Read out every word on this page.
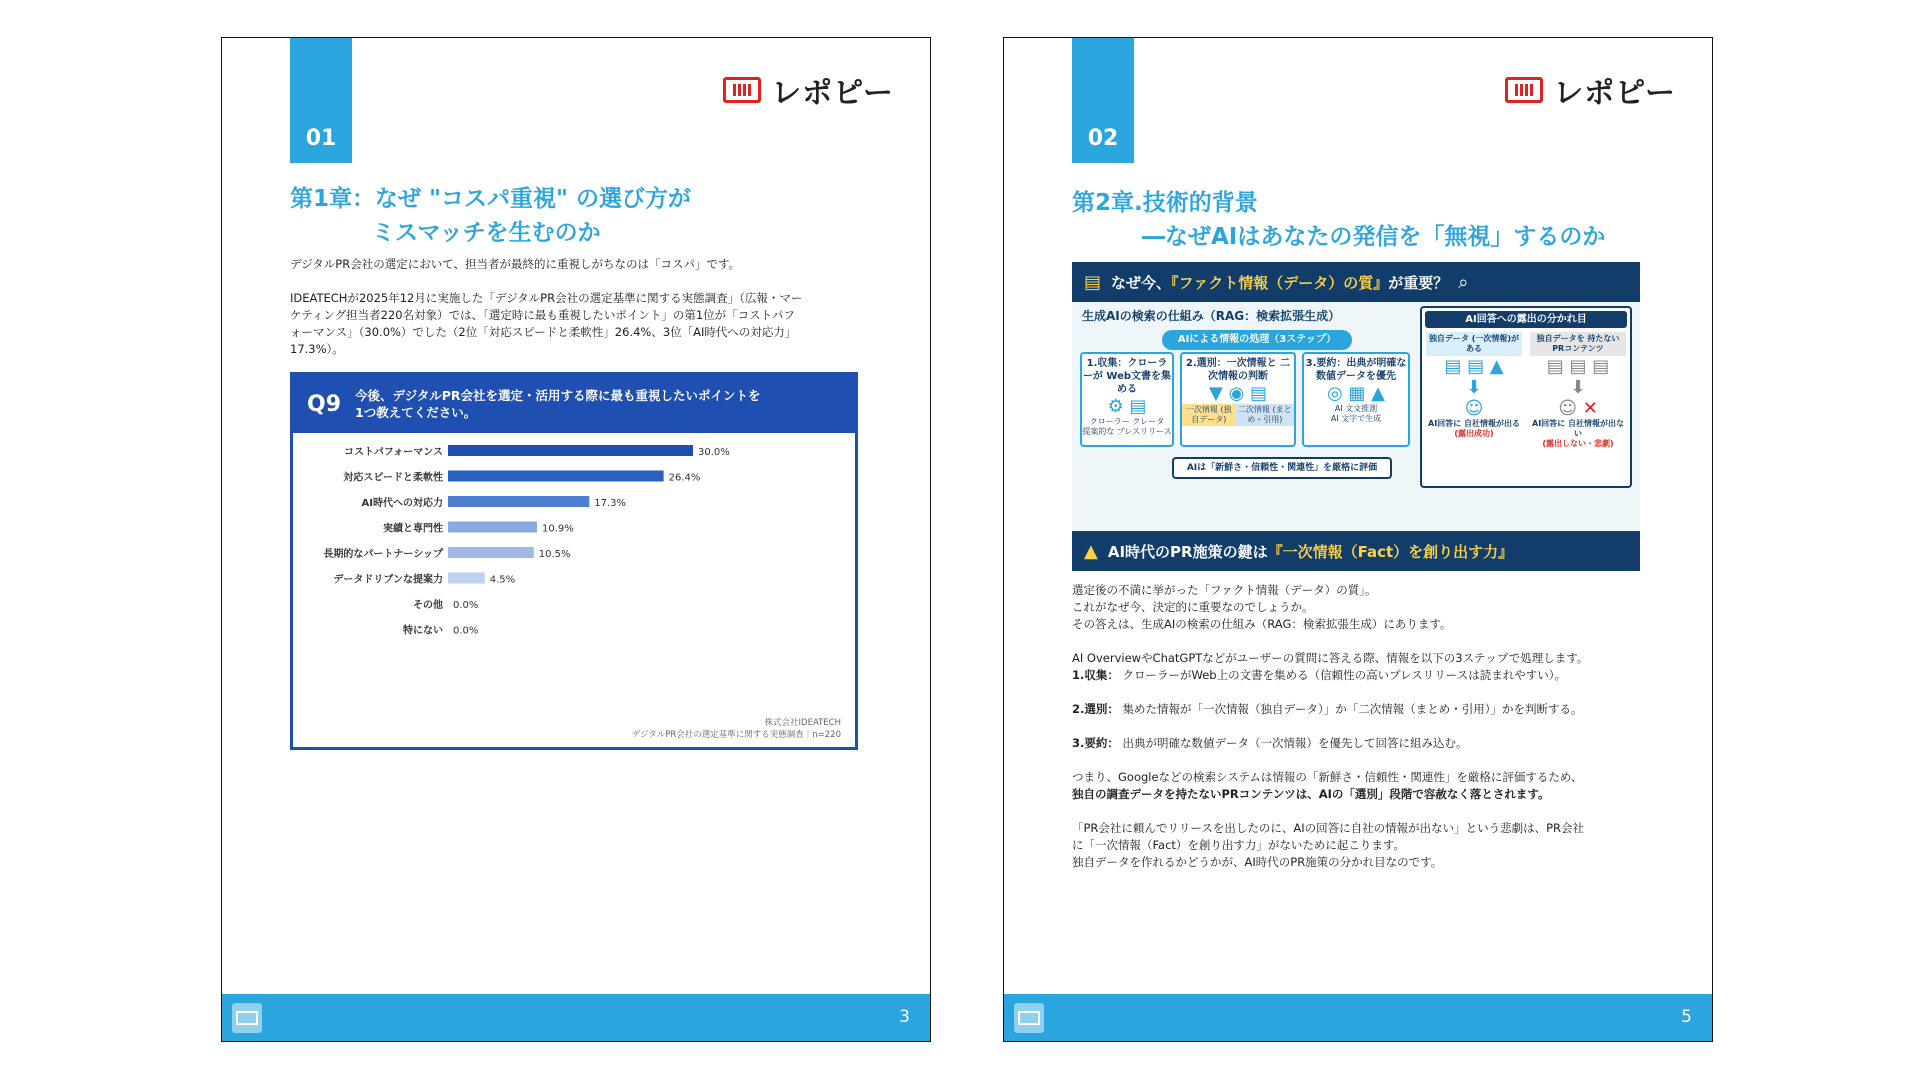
01
レポピー
第1章：なぜ "コスパ重視" の選び方が
ミスマッチを生むのか
デジタルPR会社の選定において、担当者が最終的に重視しがちなのは「コスパ」です。
IDEATECHが2025年12月に実施した「デジタルPR会社の選定基準に関する実態調査」（広報・マー
ケティング担当者220名対象）では、「選定時に最も重視したいポイント」の第1位が「コストパフ
ォーマンス」（30.0%）でした（2位「対応スピードと柔軟性」26.4%、3位「AI時代への対応力」
17.3%）。
Q9 今後、デジタルPR会社を選定・活用する際に最も重視したいポイントを
1つ教えてください。
コストパフォーマンス	30.0%
対応スピードと柔軟性	26.4%
AI時代への対応力	17.3%
実績と専門性	10.9%
長期的なパートナーシップ	10.5%
データドリブンな提案力	4.5%
その他 0.0%
特にない 0.0%
株式会社IDEATECH
デジタルPR会社の選定基準に関する実態調査｜n=220
3
02
レポピー
第2章.技術的背景
―なぜAIはあなたの発信を「無視」するのか
▤ なぜ今、『ファクト情報（データ）の質』が重要？ ⌕
生成AIの検索の仕組み（RAG：検索拡張生成）
AIによる情報の処理（3ステップ）
1.収集：クローラーが Web文書を集める
⚙ ▤
クローラー クレータ
提案的な プレスリリース
2.選別：一次情報と 二次情報の判断
▼ ◉ ▤
一次情報 (独自データ)
二次情報 (まとめ・引用)
3.要約：出典が明確な 数値データを優先
◎ ▦ ▲
AI 文文推測
AI 文字で生成
AIは「新鮮さ・信頼性・関連性」を厳格に評価
AI回答への露出の分かれ目
独自データ (一次情報)がある
▤ ▤ ▲
⬇
☺
AI回答に 自社情報が出る
(露出成功)
独自データを 持たない PRコンテンツ
▤ ▤ ▤
⬇
☺ ✕
AI回答に 自社情報が出ない
(露出しない・悲劇)
▲ AI時代のPR施策の鍵は『一次情報（Fact）を創り出す力』
選定後の不満に挙がった「ファクト情報（データ）の質」。
これがなぜ今、決定的に重要なのでしょうか。
その答えは、生成AIの検索の仕組み（RAG：検索拡張生成）にあります。
AI OverviewやChatGPTなどがユーザーの質問に答える際、情報を以下の3ステップで処理します。
1.収集： クローラーがWeb上の文書を集める（信頼性の高いプレスリリースは読まれやすい）。
2.選別： 集めた情報が「一次情報（独自データ）」か「二次情報（まとめ・引用）」かを判断する。
3.要約： 出典が明確な数値データ（一次情報）を優先して回答に組み込む。
つまり、Googleなどの検索システムは情報の「新鮮さ・信頼性・関連性」を厳格に評価するため、
独自の調査データを持たないPRコンテンツは、AIの「選別」段階で容赦なく落とされます。
「PR会社に頼んでリリースを出したのに、AIの回答に自社の情報が出ない」という悲劇は、PR会社
に「一次情報（Fact）を創り出す力」がないために起こります。
独自データを作れるかどうかが、AI時代のPR施策の分かれ目なのです。
5
